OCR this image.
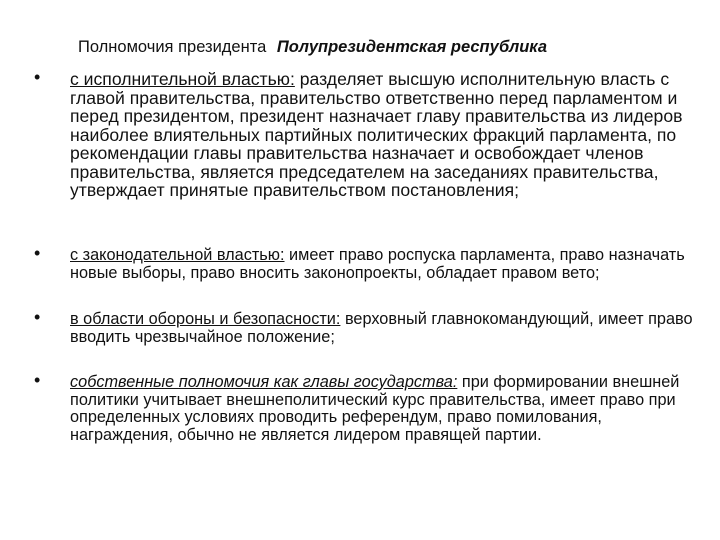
Полномочия президента Полупрезидентская республика
• с исполнительной властью: разделяет высшую исполнительную власть с главой правительства, правительство ответственно перед парламентом и перед президентом, президент назначает главу правительства из лидеров наиболее влиятельных партийных политических фракций парламента, по рекомендации главы правительства назначает и освобождает членов правительства, является председателем на заседаниях правительства, утверждает принятые правительством постановления;
• с законодательной властью: имеет право роспуска парламента, право назначать новые выборы, право вносить законопроекты, обладает правом вето;
• в области обороны и безопасности: верховный главнокомандующий, имеет право вводить чрезвычайное положение;
• собственные полномочия как главы государства: при формировании внешней политики учитывает внешнеполитический курс правительства, имеет право при определенных условиях проводить референдум, право помилования, награждения, обычно не является лидером правящей партии.
